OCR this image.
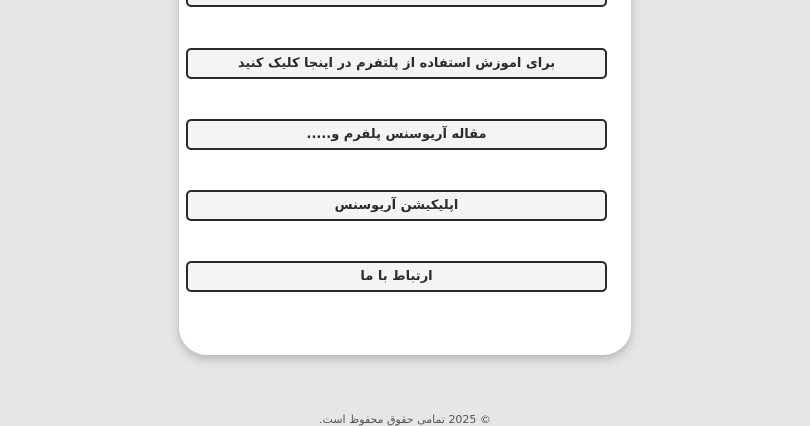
برای اموزش استفاده از پلتفرم در اینجا کلیک کنید
مقاله آریوسنس پلفرم و.....
اپلیکیشن آریوسنس
ارتباط با ما
© 2025 تمامی حقوق محفوظ است.
